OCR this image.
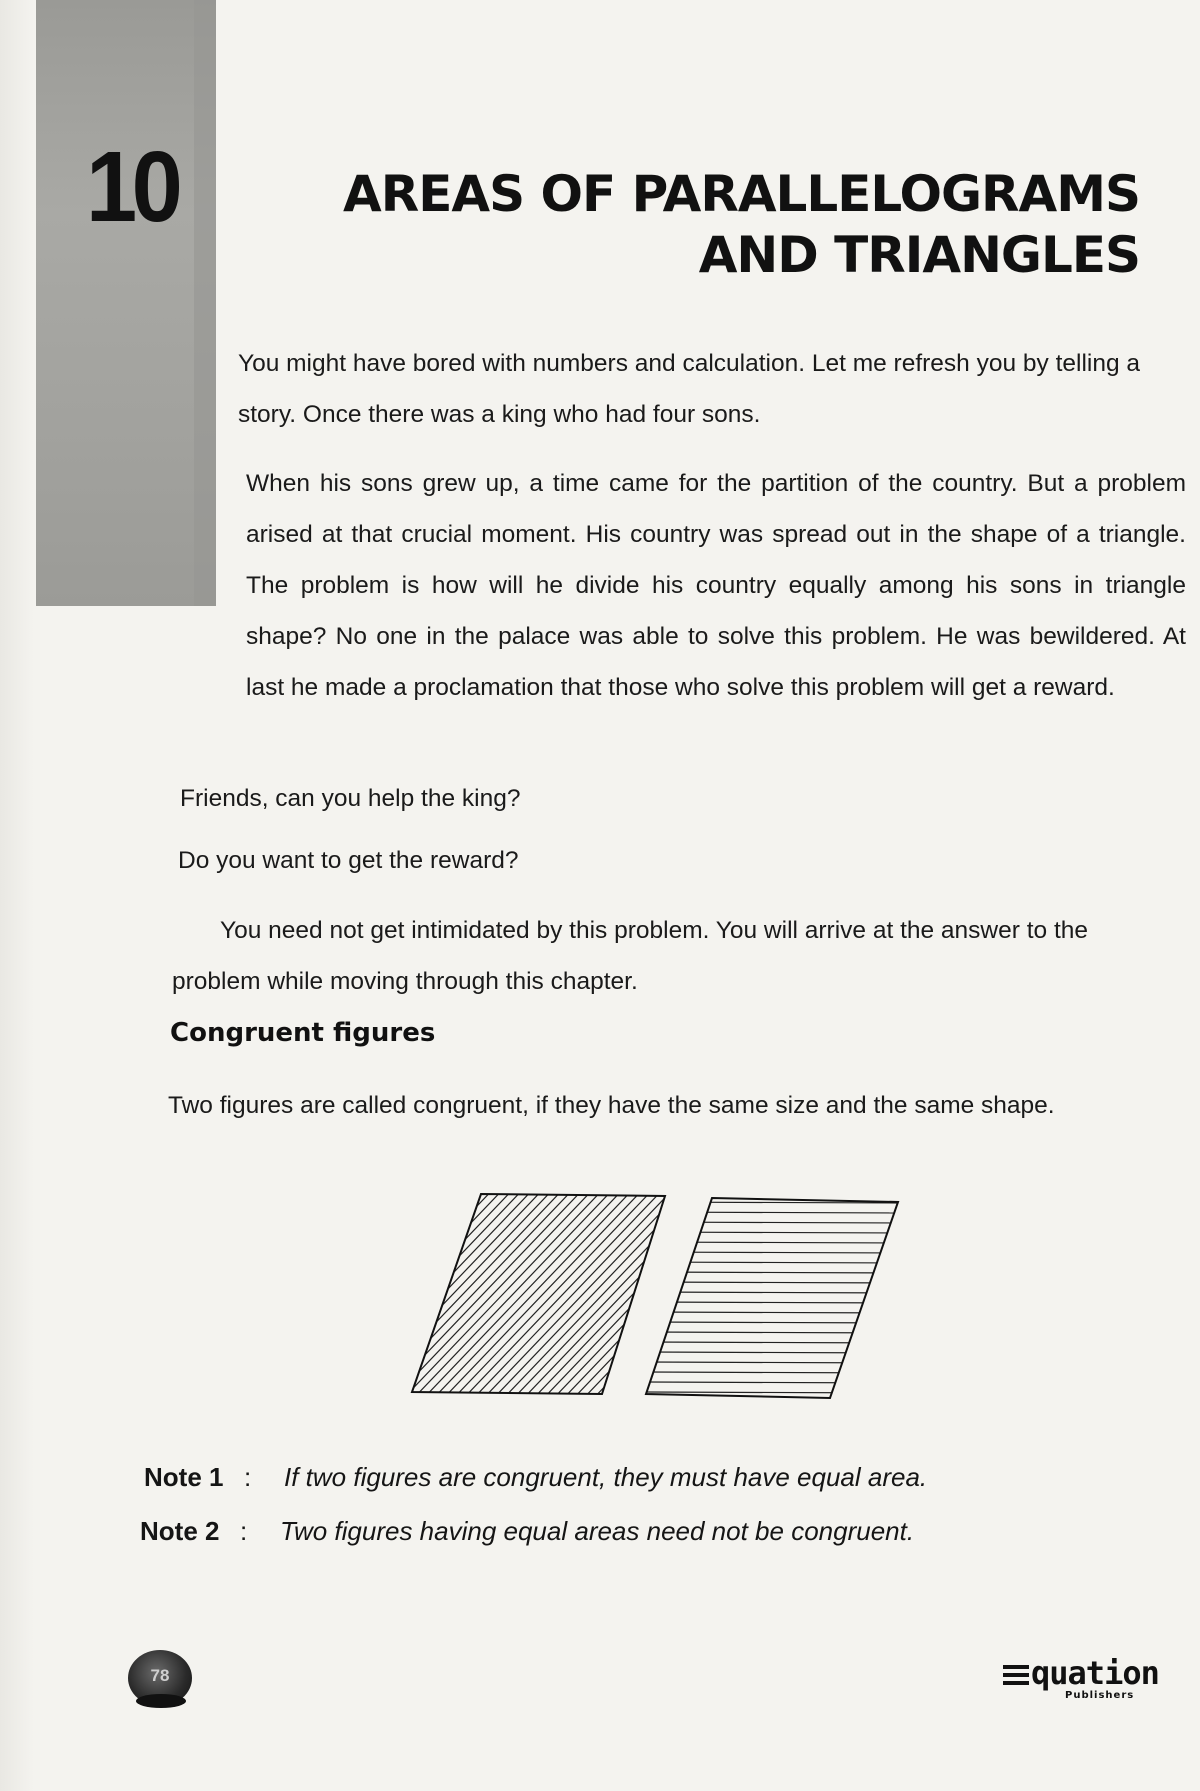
10	AREAS OF PARALLELOGRAMS
AND TRIANGLES
You might have bored with numbers and calculation. Let me refresh you by telling a story. Once there was a king who had four sons.
When his sons grew up, a time came for the partition of the country. But a problem arised at that crucial moment. His country was spread out in the shape of a triangle. The problem is how will he divide his country equally among his sons in triangle shape? No one in the palace was able to solve this problem. He was bewildered. At last he made a proclamation that those who solve this problem will get a reward.
Friends, can you help the king?
Do you want to get the reward?
You need not get intimidated by this problem. You will arrive at the answer to the problem while moving through this chapter.
Congruent figures
Two figures are called congruent, if they have the same size and the same shape.
Note 1 : If two figures are congruent, they must have equal area.
Note 2 : Two figures having equal areas need not be congruent.
78	quation
Publishers
